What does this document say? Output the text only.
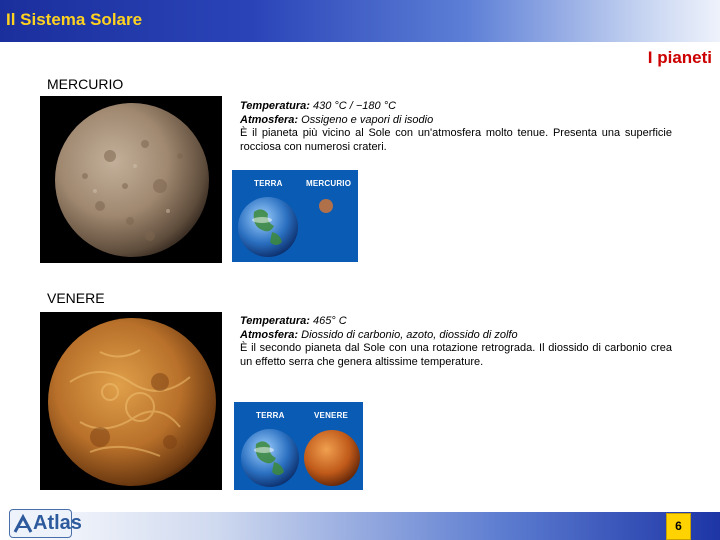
Il Sistema Solare
I pianeti
MERCURIO
Temperatura: 430 °C / −180 °C
Atmosfera: Ossigeno e vapori di isodio
È il pianeta più vicino al Sole con un'atmosfera molto tenue. Presenta una superficie rocciosa con numerosi crateri.
TERRA	MERCURIO
VENERE
Temperatura: 465° C
Atmosfera: Diossido di carbonio, azoto, diossido di zolfo
È il secondo pianeta dal Sole con una rotazione retrograda. Il diossido di carbonio crea un effetto serra che genera altissime temperature.
TERRA	VENERE
Atlas	6
